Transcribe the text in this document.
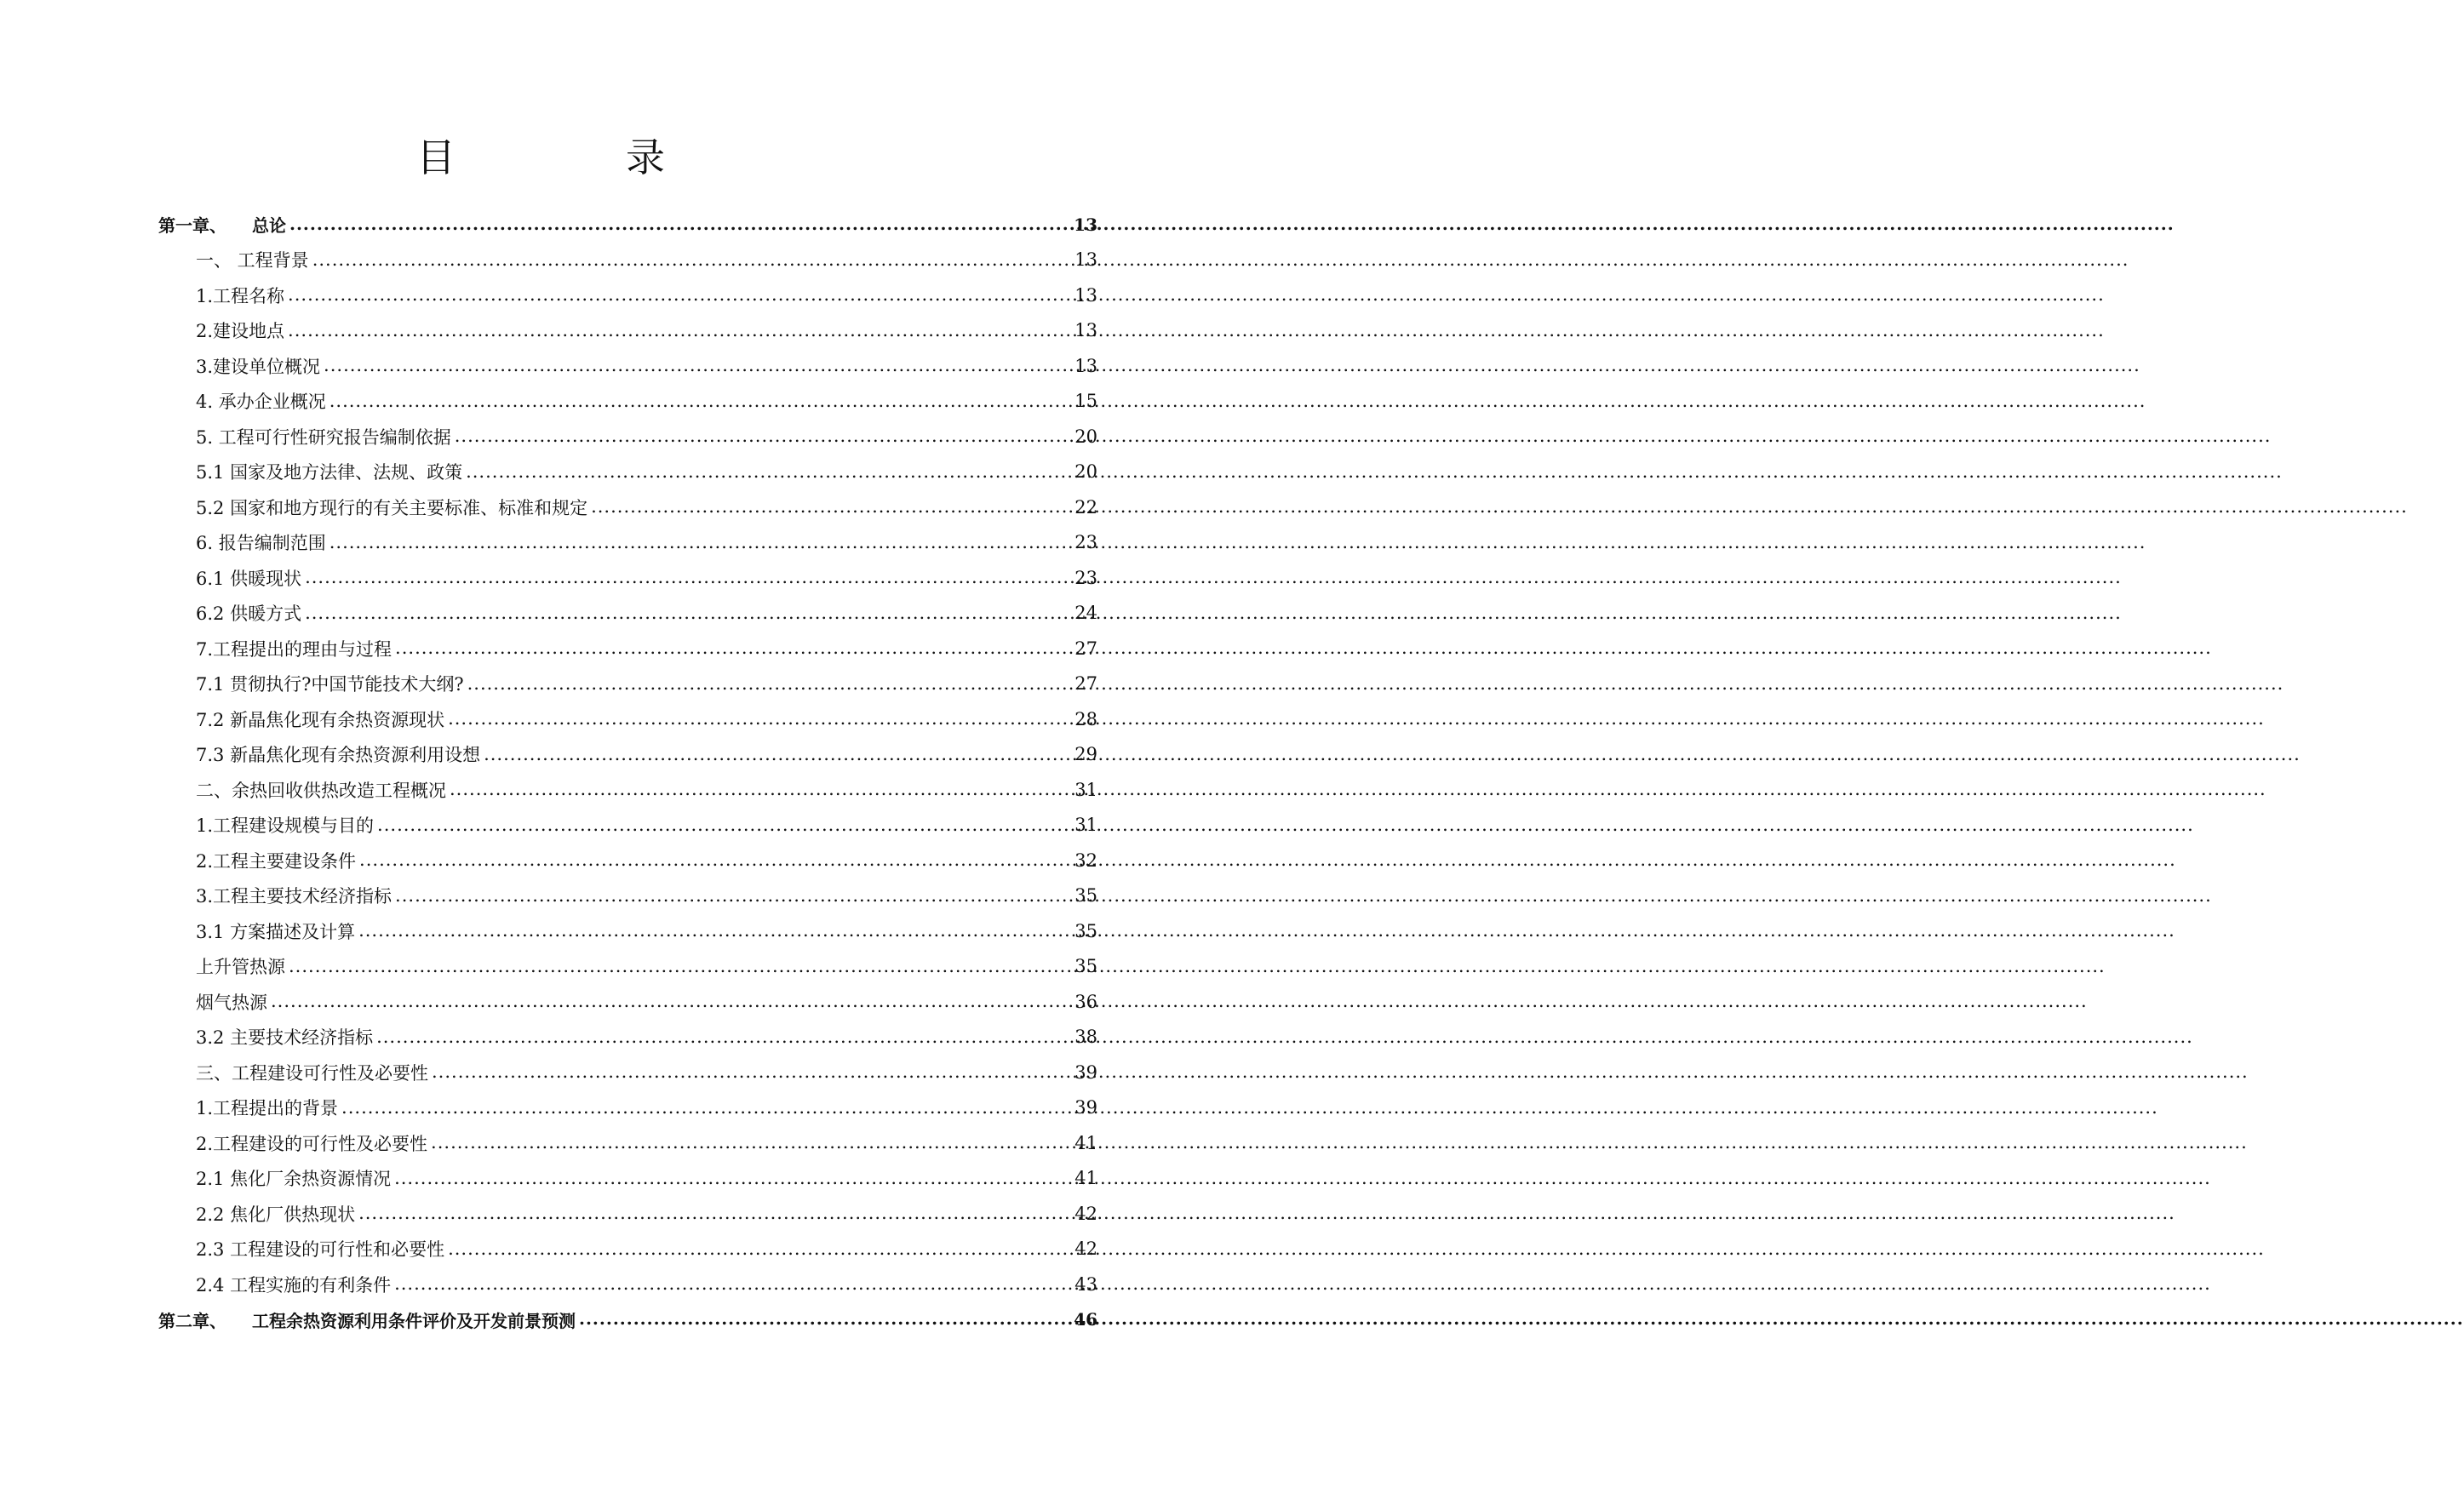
目	录
第一章、 总论 .....	13
一、 工程背景 .....	13
1.工程名称 .....	13
2.建设地点 .....	13
3.建设单位概况 .....	13
4. 承办企业概况 .....	15
5. 工程可行性研究报告编制依据 .....	20
5.1 国家及地方法律、法规、政策 .....	20
5.2 国家和地方现行的有关主要标准、标准和规定 .....	22
6. 报告编制范围 .....	23
6.1 供暖现状 .....	23
6.2 供暖方式 .....	24
7.工程提出的理由与过程 .....	27
7.1 贯彻执行?中国节能技术大纲? .....	27
7.2 新晶焦化现有余热资源现状 .....	28
7.3 新晶焦化现有余热资源利用设想 .....	29
二、余热回收供热改造工程概况 .....	31
1.工程建设规模与目的 .....	31
2.工程主要建设条件 .....	32
3.工程主要技术经济指标 .....	35
3.1 方案描述及计算 .....	35
上升管热源 .....	35
烟气热源 .....	36
3.2 主要技术经济指标 .....	38
三、工程建设可行性及必要性 .....	39
1.工程提出的背景 .....	39
2.工程建设的可行性及必要性 .....	41
2.1 焦化厂余热资源情况 .....	41
2.2 焦化厂供热现状 .....	42
2.3 工程建设的可行性和必要性 .....	42
2.4 工程实施的有利条件 .....	43
第二章、 工程余热资源利用条件评价及开发前景预测 .....	46
